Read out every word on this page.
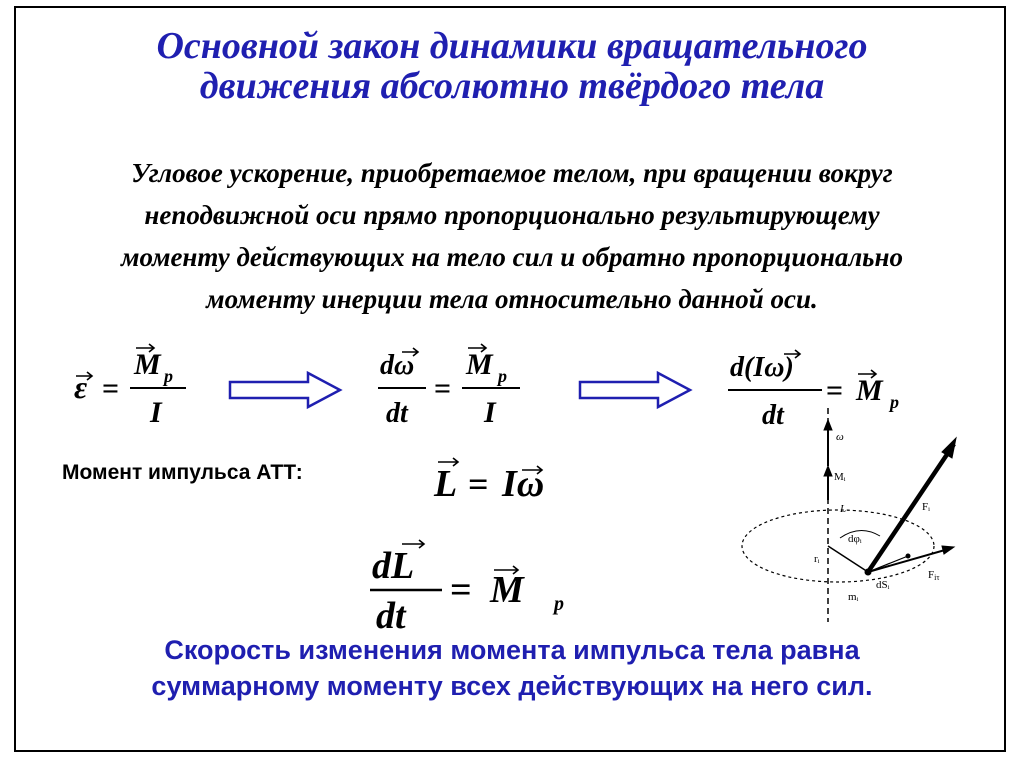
Основной закон динамики вращательного
движения абсолютно твёрдого тела
Угловое ускорение, приобретаемое телом, при вращении вокруг
неподвижной оси прямо пропорционально результирующему
моменту действующих на тело сил и обратно пропорционально
моменту инерции тела относительно данной оси.
ε =
M p
I
dω
dt
=
M p
I
d(Iω)
dt
= M p
Момент импульса АТТ:	L = Iω
dL
dt
= M p
ω
Mᵢ
L	Fᵢ
dφᵢ
rᵢ
Fiτ
dSᵢ
mᵢ
Скорость изменения момента импульса тела равна
суммарному моменту всех действующих на него сил.
